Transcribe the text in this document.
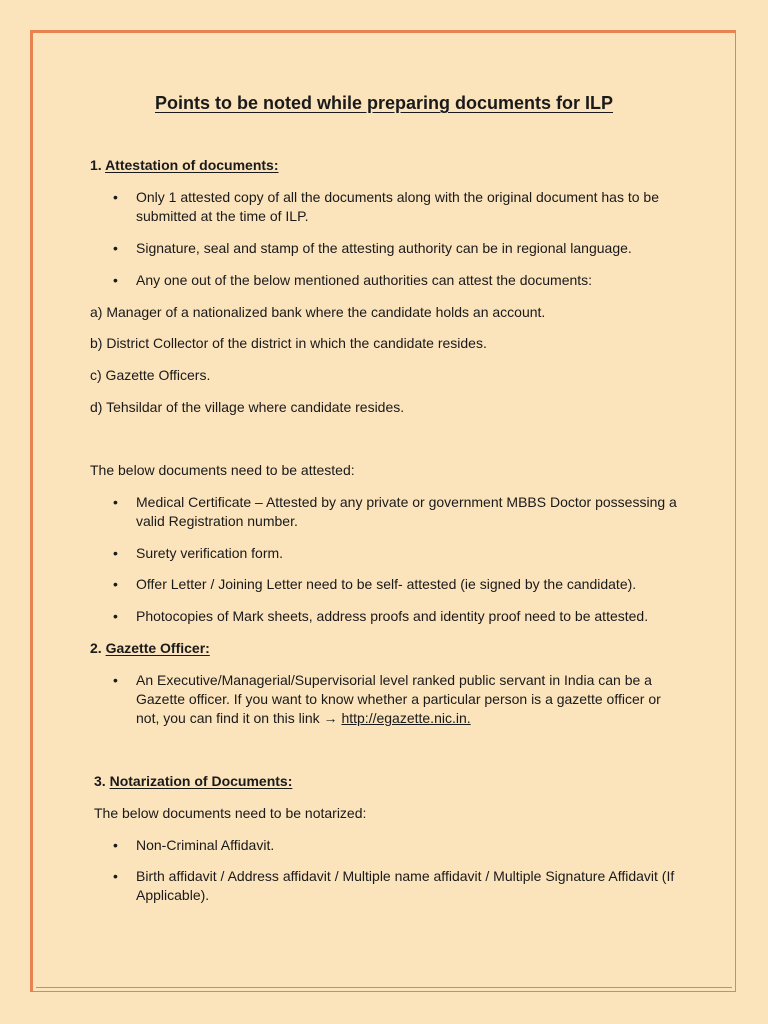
Points to be noted while preparing documents for ILP
1. Attestation of documents:
• Only 1 attested copy of all the documents along with the original document has to be
submitted at the time of ILP.
• Signature, seal and stamp of the attesting authority can be in regional language.
• Any one out of the below mentioned authorities can attest the documents:
a) Manager of a nationalized bank where the candidate holds an account.
b) District Collector of the district in which the candidate resides.
c) Gazette Officers.
d) Tehsildar of the village where candidate resides.
The below documents need to be attested:
• Medical Certificate – Attested by any private or government MBBS Doctor possessing a
valid Registration number.
• Surety verification form.
• Offer Letter / Joining Letter need to be self- attested (ie signed by the candidate).
• Photocopies of Mark sheets, address proofs and identity proof need to be attested.
2. Gazette Officer:
• An Executive/Managerial/Supervisorial level ranked public servant in India can be a
Gazette officer. If you want to know whether a particular person is a gazette officer or
not, you can find it on this link → http://egazette.nic.in.
3. Notarization of Documents:
The below documents need to be notarized:
• Non-Criminal Affidavit.
• Birth affidavit / Address affidavit / Multiple name affidavit / Multiple Signature Affidavit (If
Applicable).
